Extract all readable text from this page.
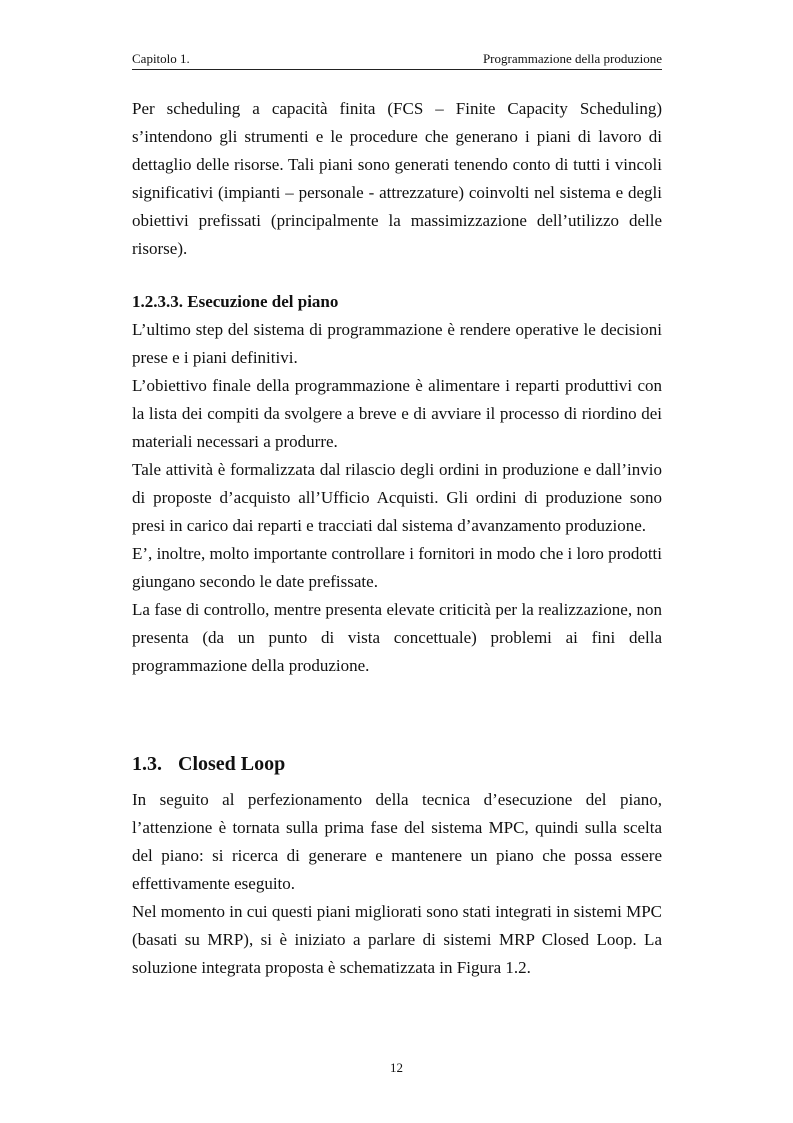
Capitolo 1.	Programmazione della produzione

Per scheduling a capacità finita (FCS – Finite Capacity Scheduling) s’intendono gli strumenti e le procedure che generano i piani di lavoro di dettaglio delle risorse. Tali piani sono generati tenendo conto di tutti i vincoli significativi (impianti – personale - attrezzature) coinvolti nel sistema e degli obiettivi prefissati (principalmente la massimizzazione dell’utilizzo delle risorse).

1.2.3.3. Esecuzione del piano

L’ultimo step del sistema di programmazione è rendere operative le decisioni prese e i piani definitivi.

L’obiettivo finale della programmazione è alimentare i reparti produttivi con la lista dei compiti da svolgere a breve e di avviare il processo di riordino dei materiali necessari a produrre.

Tale attività è formalizzata dal rilascio degli ordini in produzione e dall’invio di proposte d’acquisto all’Ufficio Acquisti. Gli ordini di produzione sono presi in carico dai reparti e tracciati dal sistema d’avanzamento produzione.

E’, inoltre, molto importante controllare i fornitori in modo che i loro prodotti giungano secondo le date prefissate.

La fase di controllo, mentre presenta elevate criticità per la realizzazione, non presenta (da un punto di vista concettuale) problemi ai fini della programmazione della produzione.

1.3. Closed Loop

In seguito al perfezionamento della tecnica d’esecuzione del piano, l’attenzione è tornata sulla prima fase del sistema MPC, quindi sulla scelta del piano: si ricerca di generare e mantenere un piano che possa essere effettivamente eseguito.

Nel momento in cui questi piani migliorati sono stati integrati in sistemi MPC (basati su MRP), si è iniziato a parlare di sistemi MRP Closed Loop. La soluzione integrata proposta è schematizzata in Figura 1.2.

12
